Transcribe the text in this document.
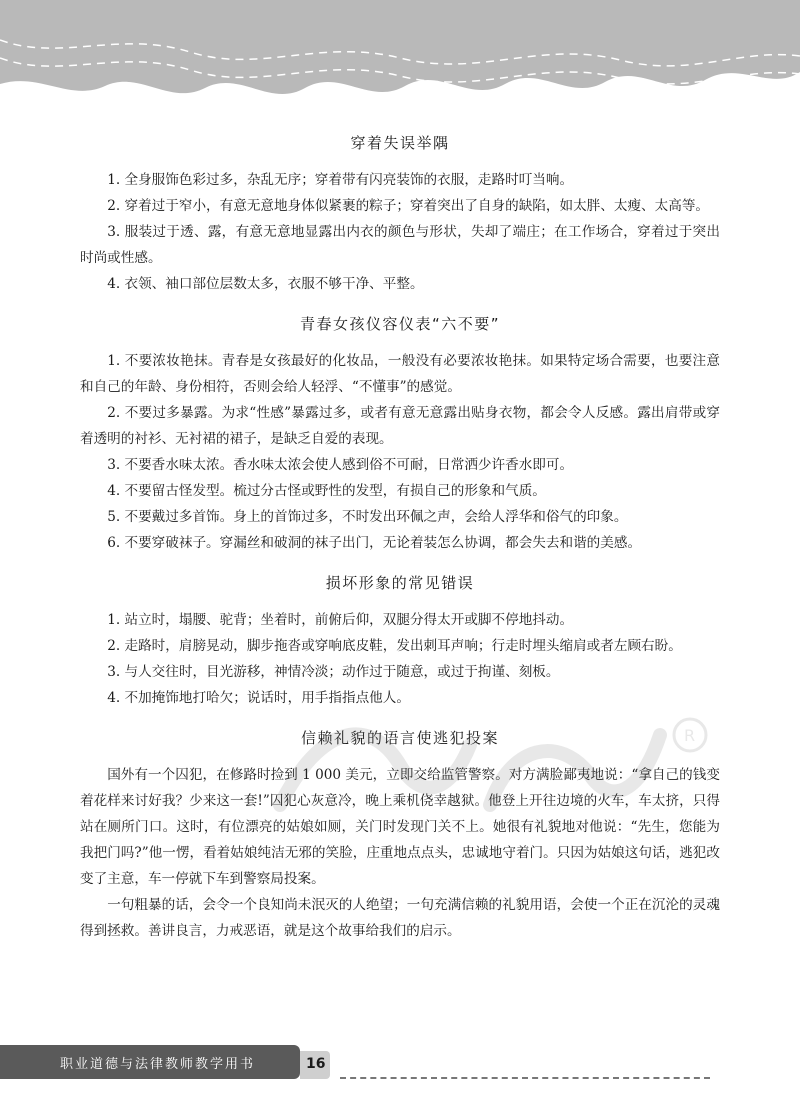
穿着失误举隅

1. 全身服饰色彩过多，杂乱无序；穿着带有闪亮装饰的衣服，走路时叮当响。

2. 穿着过于窄小，有意无意地身体似紧裹的粽子；穿着突出了自身的缺陷，如太胖、太瘦、太高等。

3. 服装过于透、露，有意无意地显露出内衣的颜色与形状，失却了端庄；在工作场合，穿着过于突出时尚或性感。

4. 衣领、袖口部位层数太多，衣服不够干净、平整。

青春女孩仪容仪表“六不要”

1. 不要浓妆艳抹。青春是女孩最好的化妆品，一般没有必要浓妆艳抹。如果特定场合需要，也要注意和自己的年龄、身份相符，否则会给人轻浮、“不懂事”的感觉。

2. 不要过多暴露。为求“性感”暴露过多，或者有意无意露出贴身衣物，都会令人反感。露出肩带或穿着透明的衬衫、无衬裙的裙子，是缺乏自爱的表现。

3. 不要香水味太浓。香水味太浓会使人感到俗不可耐，日常洒少许香水即可。

4. 不要留古怪发型。梳过分古怪或野性的发型，有损自己的形象和气质。

5. 不要戴过多首饰。身上的首饰过多，不时发出环佩之声，会给人浮华和俗气的印象。

6. 不要穿破袜子。穿漏丝和破洞的袜子出门，无论着装怎么协调，都会失去和谐的美感。

损坏形象的常见错误

1. 站立时，塌腰、驼背；坐着时，前俯后仰，双腿分得太开或脚不停地抖动。

2. 走路时，肩膀晃动，脚步拖沓或穿响底皮鞋，发出刺耳声响；行走时埋头缩肩或者左顾右盼。

3. 与人交往时，目光游移，神情冷淡；动作过于随意，或过于拘谨、刻板。

4. 不加掩饰地打哈欠；说话时，用手指指点他人。

信赖礼貌的语言使逃犯投案

国外有一个囚犯，在修路时捡到 1 000 美元，立即交给监管警察。对方满脸鄙夷地说：“拿自己的钱变着花样来讨好我？少来这一套!”囚犯心灰意冷，晚上乘机侥幸越狱。他登上开往边境的火车，车太挤，只得站在厕所门口。这时，有位漂亮的姑娘如厕，关门时发现门关不上。她很有礼貌地对他说：“先生，您能为我把门吗?”他一愣，看着姑娘纯洁无邪的笑脸，庄重地点点头，忠诚地守着门。只因为姑娘这句话，逃犯改变了主意，车一停就下车到警察局投案。

一句粗暴的话，会令一个良知尚未泯灭的人绝望；一句充满信赖的礼貌用语，会使一个正在沉沦的灵魂得到拯救。善讲良言，力戒恶语，就是这个故事给我们的启示。

R
职业道德与法律教师教学用书	16
